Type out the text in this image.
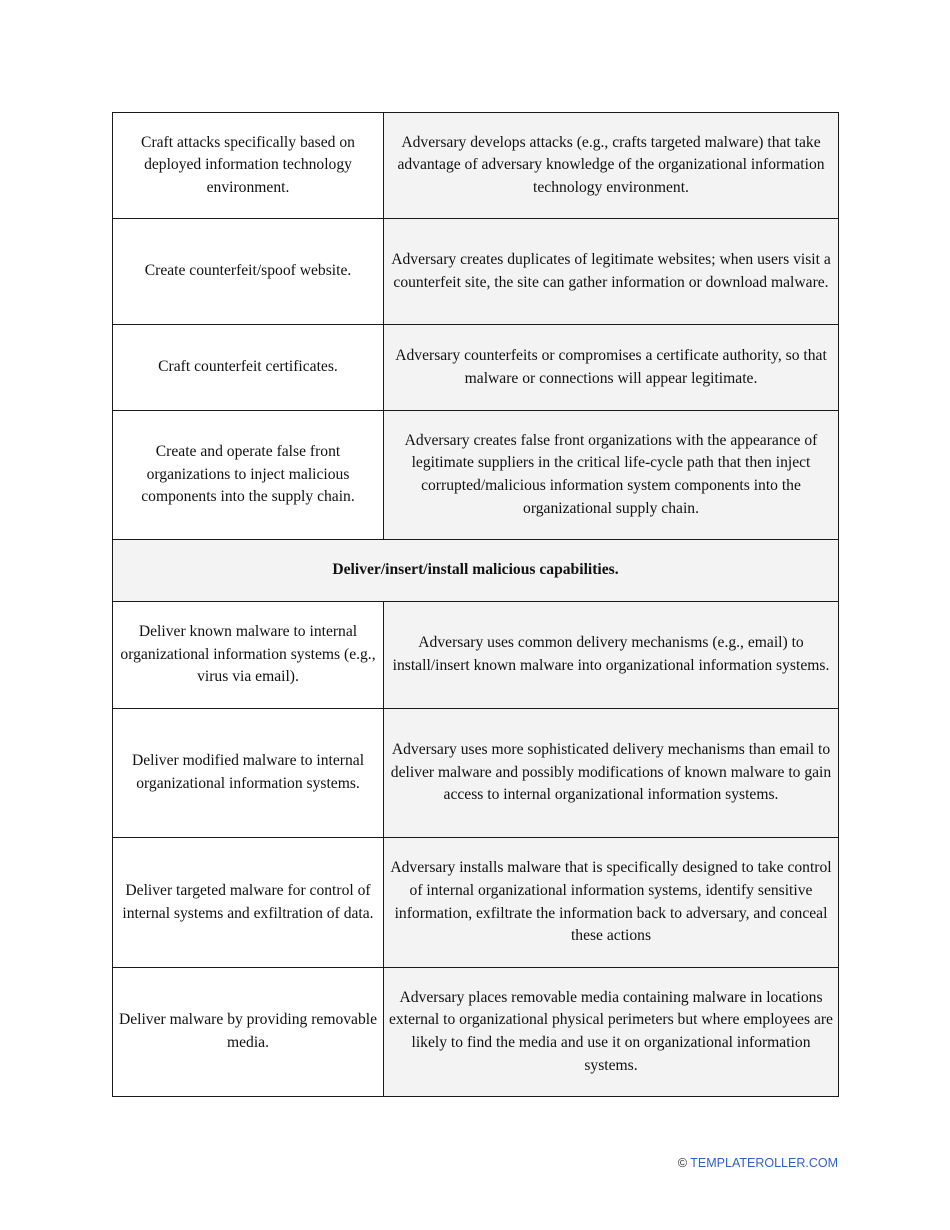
Craft attacks specifically based on deployed information technology environment.	Adversary develops attacks (e.g., crafts targeted malware) that take advantage of adversary knowledge of the organizational information technology environment.
Create counterfeit/spoof website.	Adversary creates duplicates of legitimate websites; when users visit a counterfeit site, the site can gather information or download malware.
Craft counterfeit certificates.	Adversary counterfeits or compromises a certificate authority, so that malware or connections will appear legitimate.
Create and operate false front organizations to inject malicious components into the supply chain.	Adversary creates false front organizations with the appearance of legitimate suppliers in the critical life-cycle path that then inject corrupted/malicious information system components into the organizational supply chain.
Deliver/insert/install malicious capabilities.	
Deliver known malware to internal organizational information systems (e.g., virus via email).	Adversary uses common delivery mechanisms (e.g., email) to install/insert known malware into organizational information systems.
Deliver modified malware to internal organizational information systems.	Adversary uses more sophisticated delivery mechanisms than email to deliver malware and possibly modifications of known malware to gain access to internal organizational information systems.
Deliver targeted malware for control of internal systems and exfiltration of data.	Adversary installs malware that is specifically designed to take control of internal organizational information systems, identify sensitive information, exfiltrate the information back to adversary, and conceal these actions
Deliver malware by providing removable media.	Adversary places removable media containing malware in locations external to organizational physical perimeters but where employees are likely to find the media and use it on organizational information systems.
© TEMPLATEROLLER.COM
